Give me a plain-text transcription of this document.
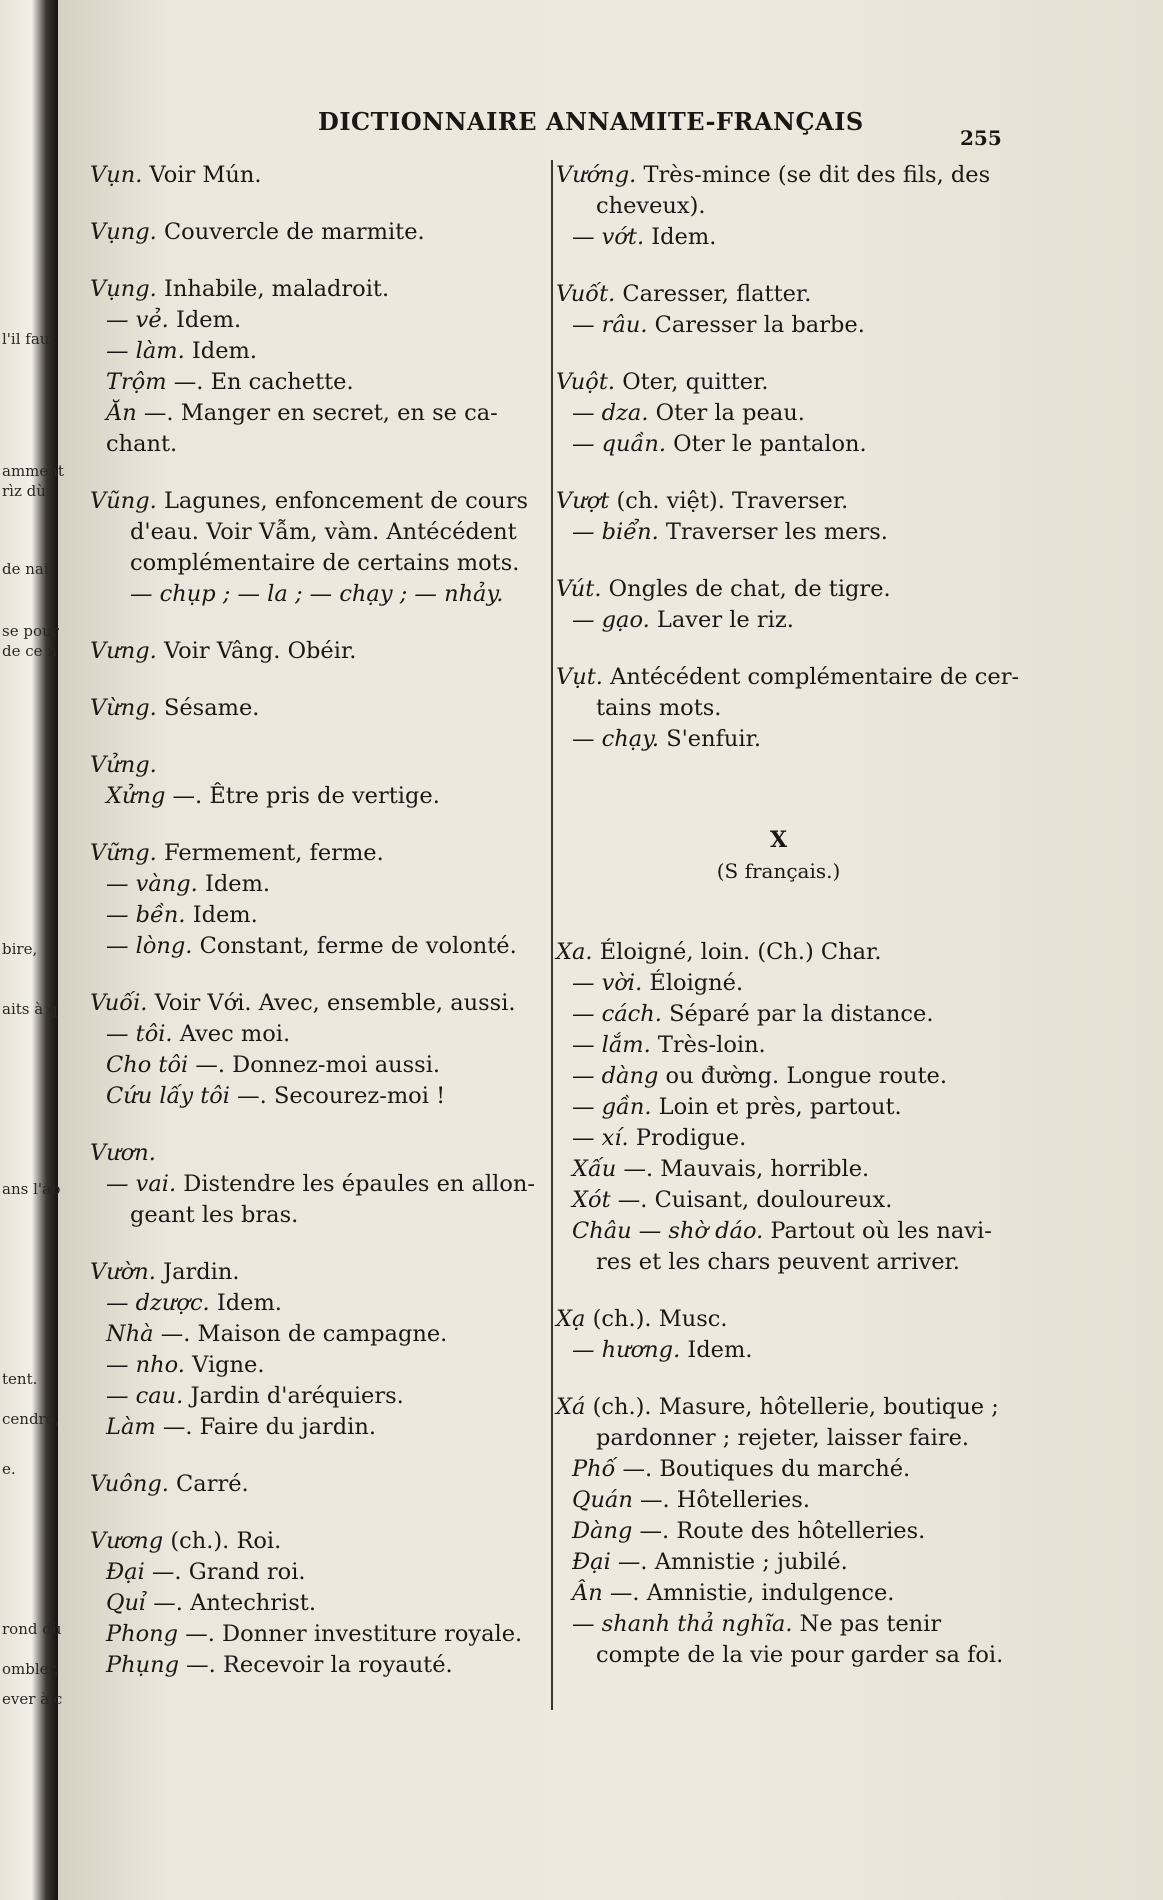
l'il faut
amment
rìz dù
de nai
se pour
de ce n
bire,
aits à q
ans l'ab
tent.
cendre,
e.
rond du
ombler,
ever à c
DICTIONNAIRE ANNAMITE-FRANÇAIS
255
Vụn. Voir Mún.
Vụng. Couvercle de marmite.
Vụng. Inhabile, maladroit.
— vẻ. Idem.
— làm. Idem.
Trộm —. En cachette.
Ăn —. Manger en secret, en se ca-
chant.
Vũng. Lagunes, enfoncement de cours
d'eau. Voir Vẫm, vàm. Antécédent
complémentaire de certains mots.
— chụp ; — la ; — chạy ; — nhảy.
Vưng. Voir Vâng. Obéir.
Vừng. Sésame.
Vửng.
Xửng —. Être pris de vertige.
Vững. Fermement, ferme.
— vàng. Idem.
— bền. Idem.
— lòng. Constant, ferme de volonté.
Vuối. Voir Với. Avec, ensemble, aussi.
— tôi. Avec moi.
Cho tôi —. Donnez-moi aussi.
Cứu lấy tôi —. Secourez-moi !
Vươn.
— vai. Distendre les épaules en allon-
geant les bras.
Vườn. Jardin.
— dzược. Idem.
Nhà —. Maison de campagne.
— nho. Vigne.
— cau. Jardin d'aréquiers.
Làm —. Faire du jardin.
Vuông. Carré.
Vương (ch.). Roi.
Đại —. Grand roi.
Quỉ —. Antechrist.
Phong —. Donner investiture royale.
Phụng —. Recevoir la royauté.
Vướng. Très-mince (se dit des fils, des
cheveux).
— vớt. Idem.
Vuốt. Caresser, flatter.
— râu. Caresser la barbe.
Vuột. Oter, quitter.
— dza. Oter la peau.
— quần. Oter le pantalon.
Vượt (ch. việt). Traverser.
— biển. Traverser les mers.
Vút. Ongles de chat, de tigre.
— gạo. Laver le riz.
Vụt. Antécédent complémentaire de cer-
tains mots.
— chạy. S'enfuir.
X
(S français.)
Xa. Éloigné, loin. (Ch.) Char.
— vời. Éloigné.
— cách. Séparé par la distance.
— lắm. Très-loin.
— dàng ou đường. Longue route.
— gần. Loin et près, partout.
— xí. Prodigue.
Xấu —. Mauvais, horrible.
Xót —. Cuisant, douloureux.
Châu — shờ dáo. Partout où les navi-
res et les chars peuvent arriver.
Xạ (ch.). Musc.
— hương. Idem.
Xá (ch.). Masure, hôtellerie, boutique ;
pardonner ; rejeter, laisser faire.
Phố —. Boutiques du marché.
Quán —. Hôtelleries.
Dàng —. Route des hôtelleries.
Đại —. Amnistie ; jubilé.
Ân —. Amnistie, indulgence.
— shanh thả nghĩa. Ne pas tenir
compte de la vie pour garder sa foi.
